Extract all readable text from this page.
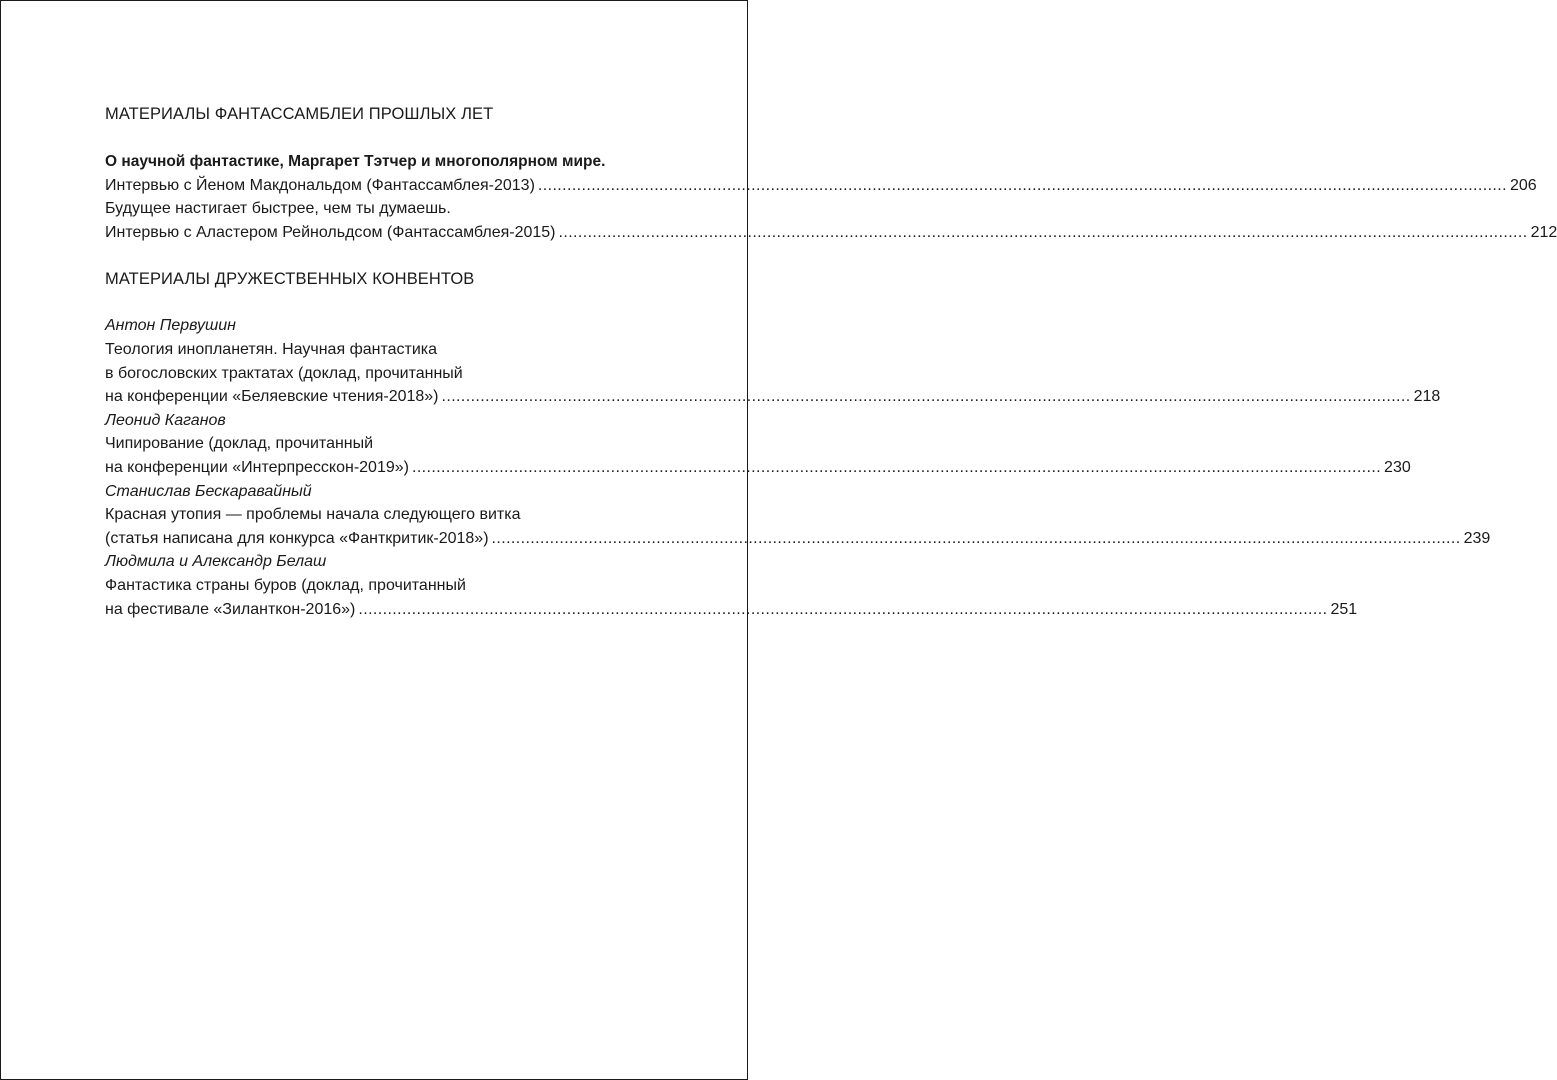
МАТЕРИАЛЫ ФАНТАССАМБЛЕИ ПРОШЛЫХ ЛЕТ
О научной фантастике, Маргарет Тэтчер и многополярном мире.
Интервью с Йеном Макдональдом (Фантассамблея-2013) ........................................................................................................................................................................................................ 206
Будущее настигает быстрее, чем ты думаешь.
Интервью с Аластером Рейнольдсом (Фантассамблея-2015) ........................................................................................................................................................................................................ 212
МАТЕРИАЛЫ ДРУЖЕСТВЕННЫХ КОНВЕНТОВ
Антон Первушин
Теология инопланетян. Научная фантастика
в богословских трактатах (доклад, прочитанный
на конференции «Беляевские чтения-2018») ........................................................................................................................................................................................................ 218
Леонид Каганов
Чипирование (доклад, прочитанный
на конференции «Интерпресскон-2019») ........................................................................................................................................................................................................ 230
Станислав Бескаравайный
Красная утопия — проблемы начала следующего витка
(статья написана для конкурса «Фанткритик-2018») ........................................................................................................................................................................................................ 239
Людмила и Александр Белаш
Фантастика страны буров (доклад, прочитанный
на фестивале «Зиланткон-2016») ........................................................................................................................................................................................................ 251
